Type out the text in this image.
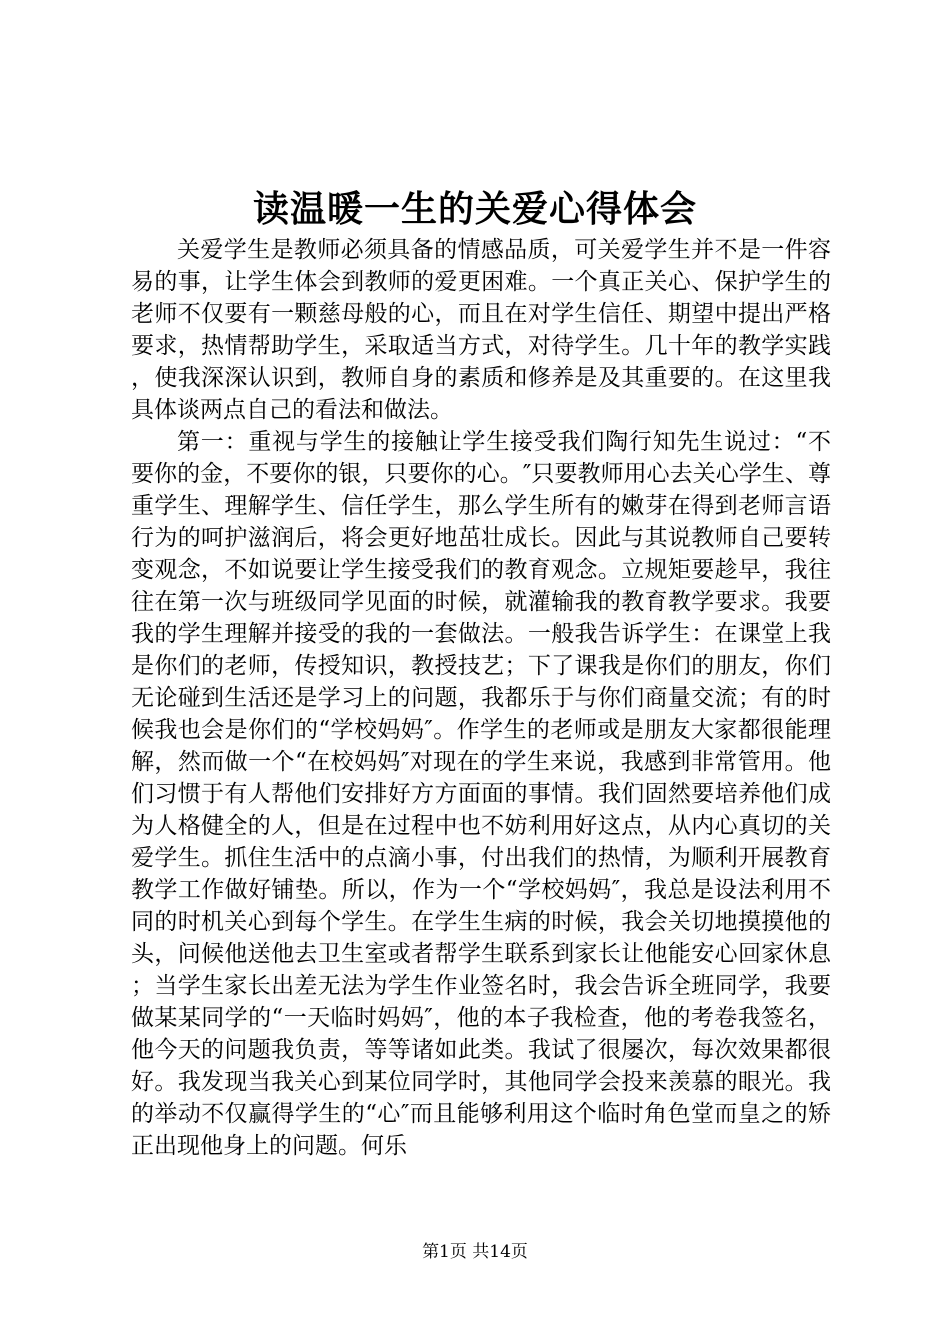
读温暖一生的关爱心得体会

关爱学生是教师必须具备的情感品质，可关爱学生并不是一件容易的事，让学生体会到教师的爱更困难。一个真正关心、保护学生的老师不仅要有一颗慈母般的心，而且在对学生信任、期望中提出严格要求，热情帮助学生，采取适当方式，对待学生。几十年的教学实践，使我深深认识到，教师自身的素质和修养是及其重要的。在这里我具体谈两点自己的看法和做法。

第一：重视与学生的接触让学生接受我们陶行知先生说过：“不要你的金，不要你的银，只要你的心。″只要教师用心去关心学生、尊重学生、理解学生、信任学生，那么学生所有的嫩芽在得到老师言语行为的呵护滋润后，将会更好地茁壮成长。因此与其说教师自己要转变观念，不如说要让学生接受我们的教育观念。立规矩要趁早，我往往在第一次与班级同学见面的时候，就灌输我的教育教学要求。我要我的学生理解并接受的我的一套做法。一般我告诉学生：在课堂上我是你们的老师，传授知识，教授技艺；下了课我是你们的朋友，你们无论碰到生活还是学习上的问题，我都乐于与你们商量交流；有的时候我也会是你们的“学校妈妈″。作学生的老师或是朋友大家都很能理解，然而做一个“在校妈妈″对现在的学生来说，我感到非常管用。他们习惯于有人帮他们安排好方方面面的事情。我们固然要培养他们成为人格健全的人，但是在过程中也不妨利用好这点，从内心真切的关爱学生。抓住生活中的点滴小事，付出我们的热情，为顺利开展教育教学工作做好铺垫。所以，作为一个“学校妈妈″，我总是设法利用不同的时机关心到每个学生。在学生生病的时候，我会关切地摸摸他的头，问候他送他去卫生室或者帮学生联系到家长让他能安心回家休息；当学生家长出差无法为学生作业签名时，我会告诉全班同学，我要做某某同学的“一天临时妈妈″，他的本子我检查，他的考卷我签名，他今天的问题我负责，等等诸如此类。我试了很屡次，每次效果都很好。我发现当我关心到某位同学时，其他同学会投来羡慕的眼光。我的举动不仅赢得学生的“心″而且能够利用这个临时角色堂而皇之的矫正出现他身上的问题。何乐

第1页 共14页
